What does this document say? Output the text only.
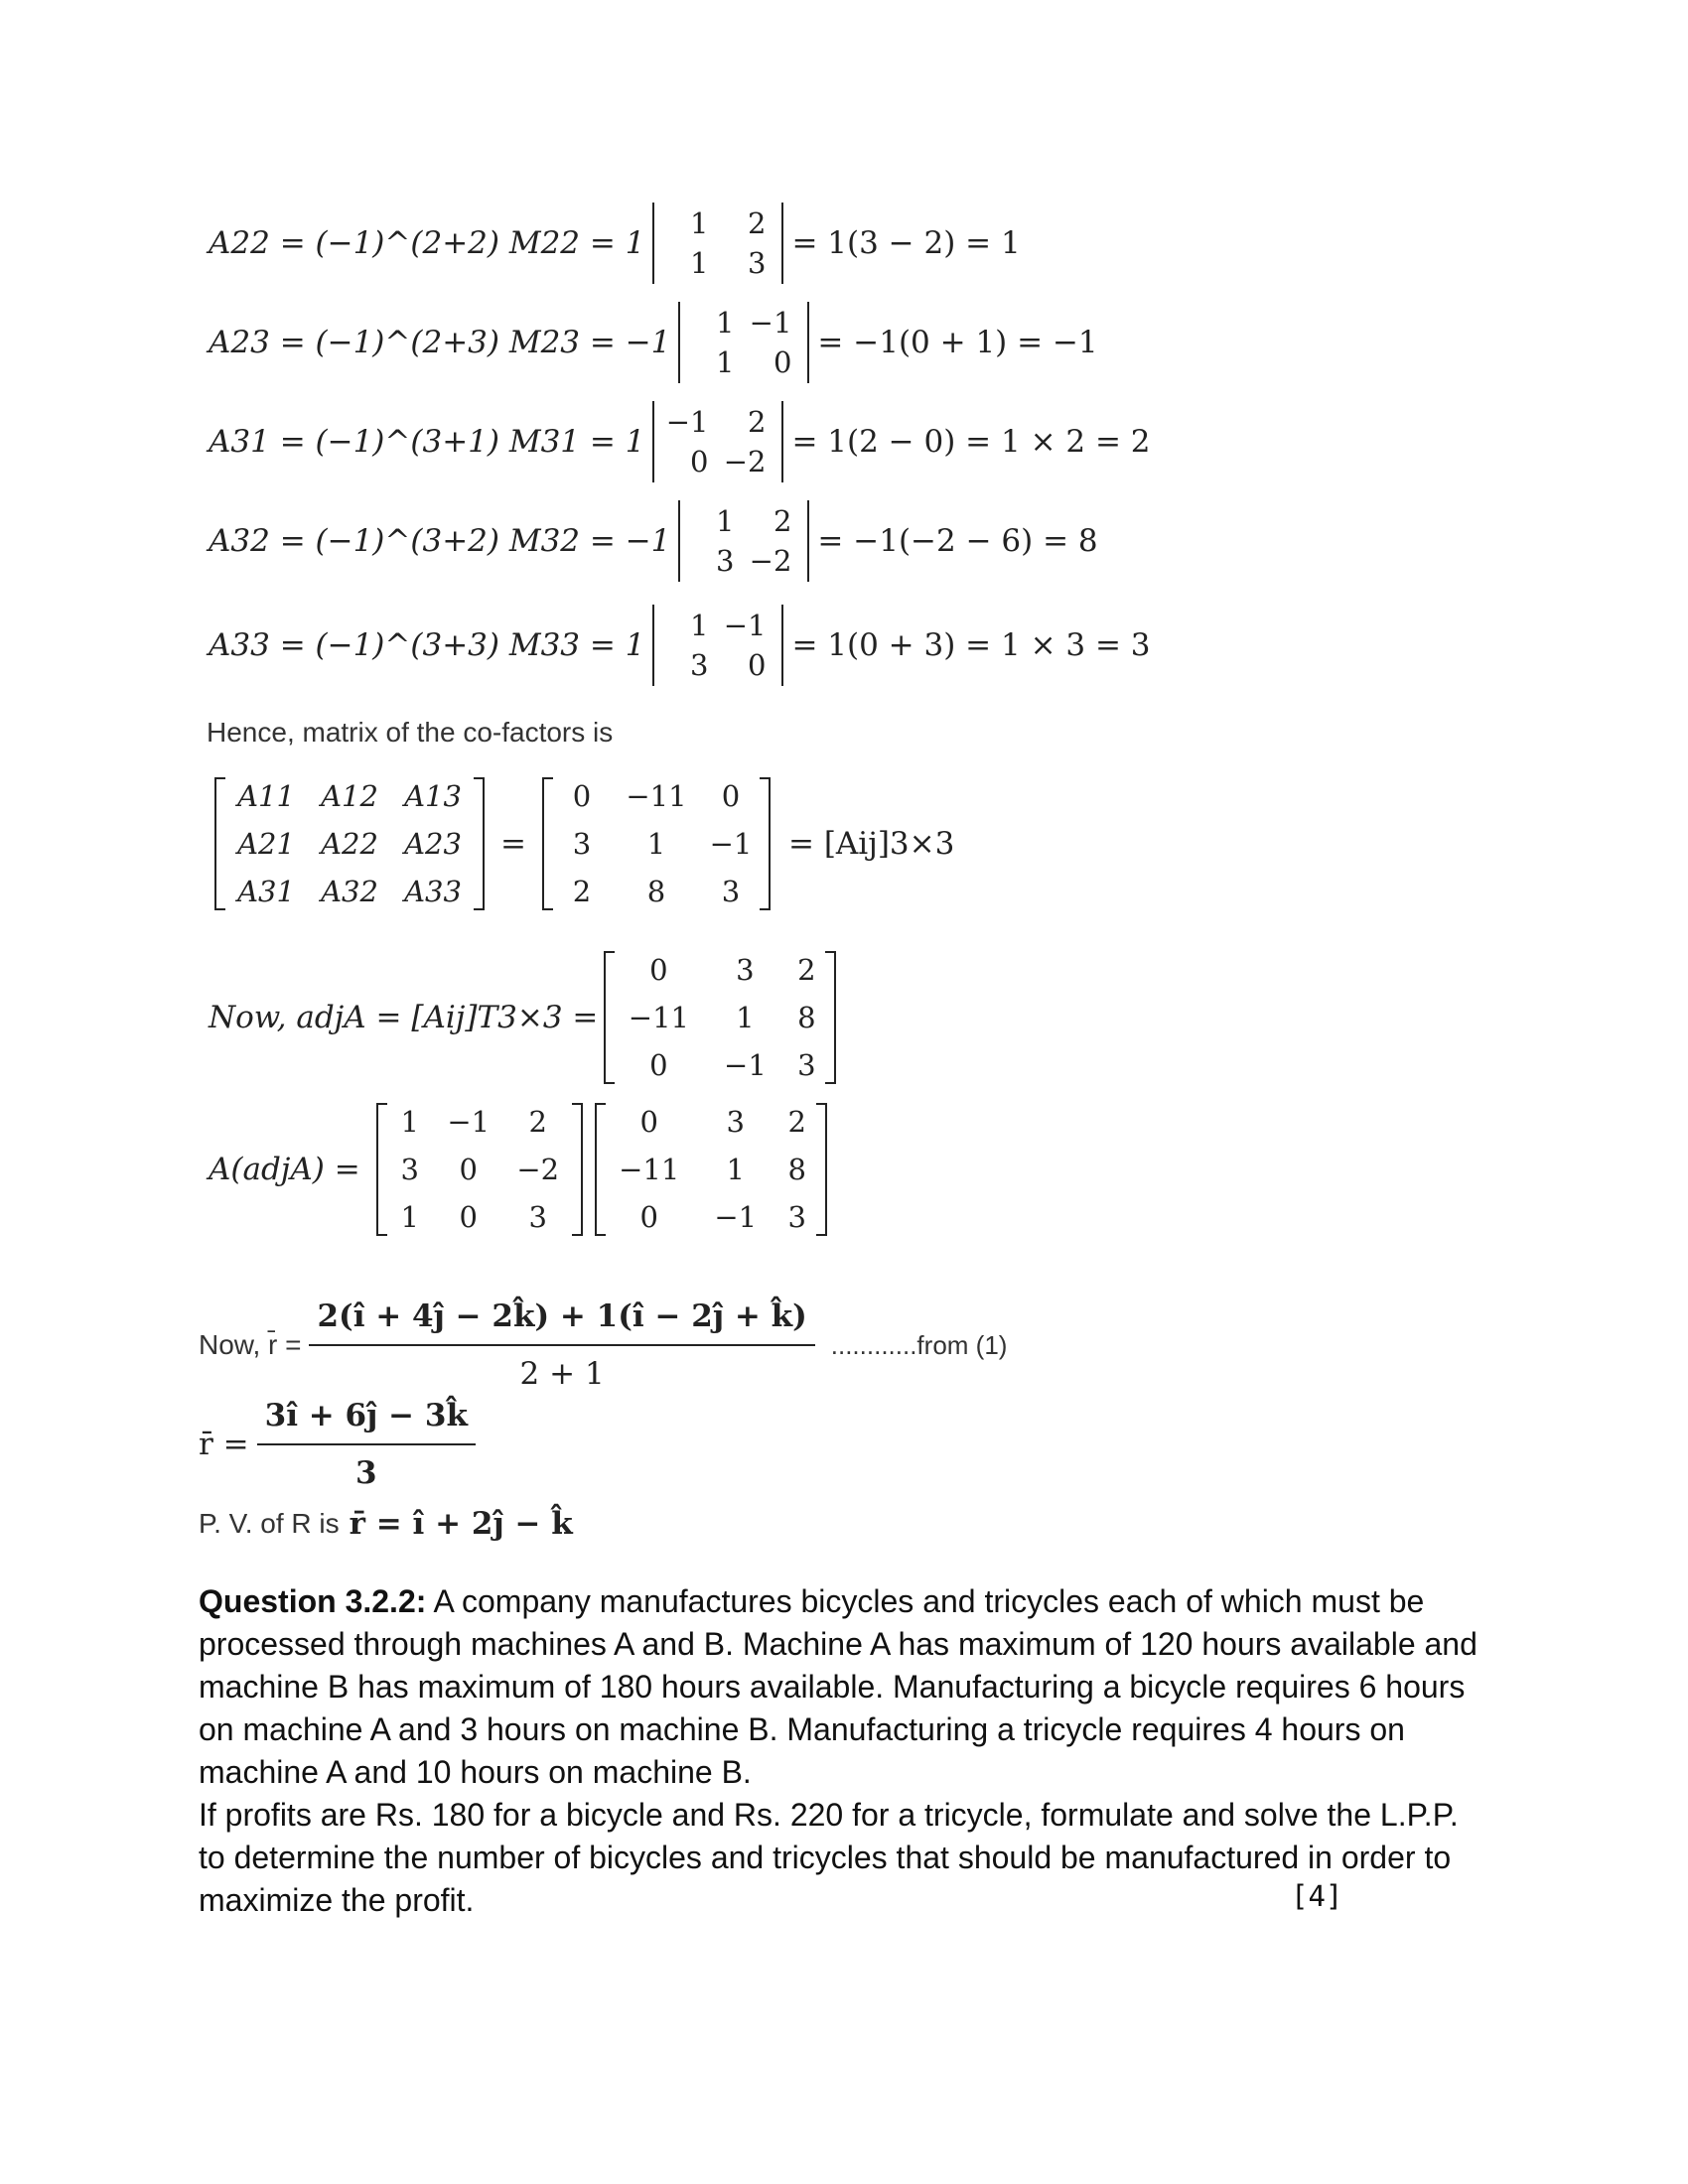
A22 = (−1)^(2+2) M22 = 1
1	2
1	3
= 1(3 − 2) = 1
A23 = (−1)^(2+3) M23 = −1
1 −1
1	0
= −1(0 + 1) = −1
A31 = (−1)^(3+1) M31 = 1
−1	2
0 −2
= 1(2 − 0) = 1 × 2 = 2
A32 = (−1)^(3+2) M32 = −1
1	2
3 −2
= −1(−2 − 6) = 8
A33 = (−1)^(3+3) M33 = 1
1 −1
3	0
= 1(0 + 3) = 1 × 3 = 3
Hence, matrix of the co-factors is
A11 A12 A13
A21 A22 A23
A31 A32 A33
=
0	−11	0
3	1	−1
2	8	3
= [Aij]3×3
Now, adjA = [Aij]T3×3 =
0	3	2
−11	1	8
0	−1	3
A(adjA) =
1 −1	2
3	0	−2
1	0	3
0	3	2
−11	1	8
0	−1	3
Now, r̄ = $\frac{2(î + 4ĵ - 2k̂) + 1(î - 2ĵ + k̂)}{2 + 1}$ ............from (1)
r̄ = $\frac{3î + 6ĵ - 3k̂}{3}$
P. V. of R is r̄ = î + 2ĵ − k̂
Question 3.2.2: A company manufactures bicycles and tricycles each of which must be processed through machines A and B. Machine A has maximum of 120 hours available and machine B has maximum of 180 hours available. Manufacturing a bicycle requires 6 hours on machine A and 3 hours on machine B. Manufacturing a tricycle requires 4 hours on machine A and 10 hours on machine B.
If profits are Rs. 180 for a bicycle and Rs. 220 for a tricycle, formulate and solve the L.P.P. to determine the number of bicycles and tricycles that should be manufactured in order to maximize the profit.	[4]
